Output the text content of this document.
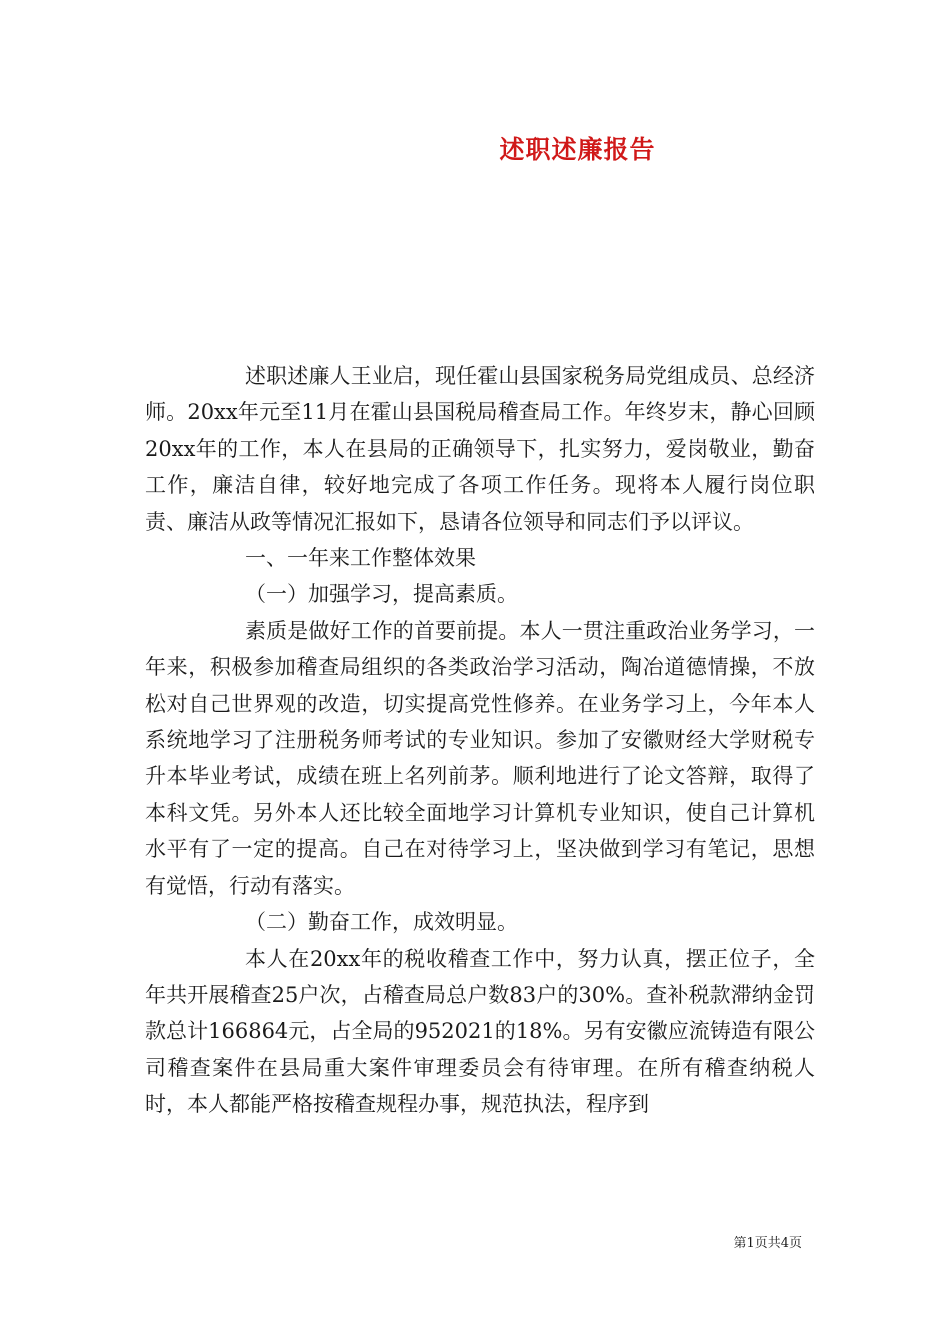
述职述廉报告

述职述廉人王业启，现任霍山县国家税务局党组成员、总经济师。20xx年元至11月在霍山县国税局稽查局工作。年终岁末，静心回顾20xx年的工作，本人在县局的正确领导下，扎实努力，爱岗敬业，勤奋工作，廉洁自律，较好地完成了各项工作任务。现将本人履行岗位职责、廉洁从政等情况汇报如下，恳请各位领导和同志们予以评议。

一、一年来工作整体效果

（一）加强学习，提高素质。

素质是做好工作的首要前提。本人一贯注重政治业务学习，一年来，积极参加稽查局组织的各类政治学习活动，陶冶道德情操，不放松对自己世界观的改造，切实提高党性修养。在业务学习上，今年本人系统地学习了注册税务师考试的专业知识。参加了安徽财经大学财税专升本毕业考试，成绩在班上名列前茅。顺利地进行了论文答辩，取得了本科文凭。另外本人还比较全面地学习计算机专业知识，使自己计算机水平有了一定的提高。自己在对待学习上，坚决做到学习有笔记，思想有觉悟，行动有落实。

（二）勤奋工作，成效明显。

本人在20xx年的税收稽查工作中，努力认真，摆正位子，全年共开展稽查25户次，占稽查局总户数83户的30%。查补税款滞纳金罚款总计166864元，占全局的952021的18%。另有安徽应流铸造有限公司稽查案件在县局重大案件审理委员会有待审理。在所有稽查纳税人时，本人都能严格按稽查规程办事，规范执法，程序到

第1页共4页
